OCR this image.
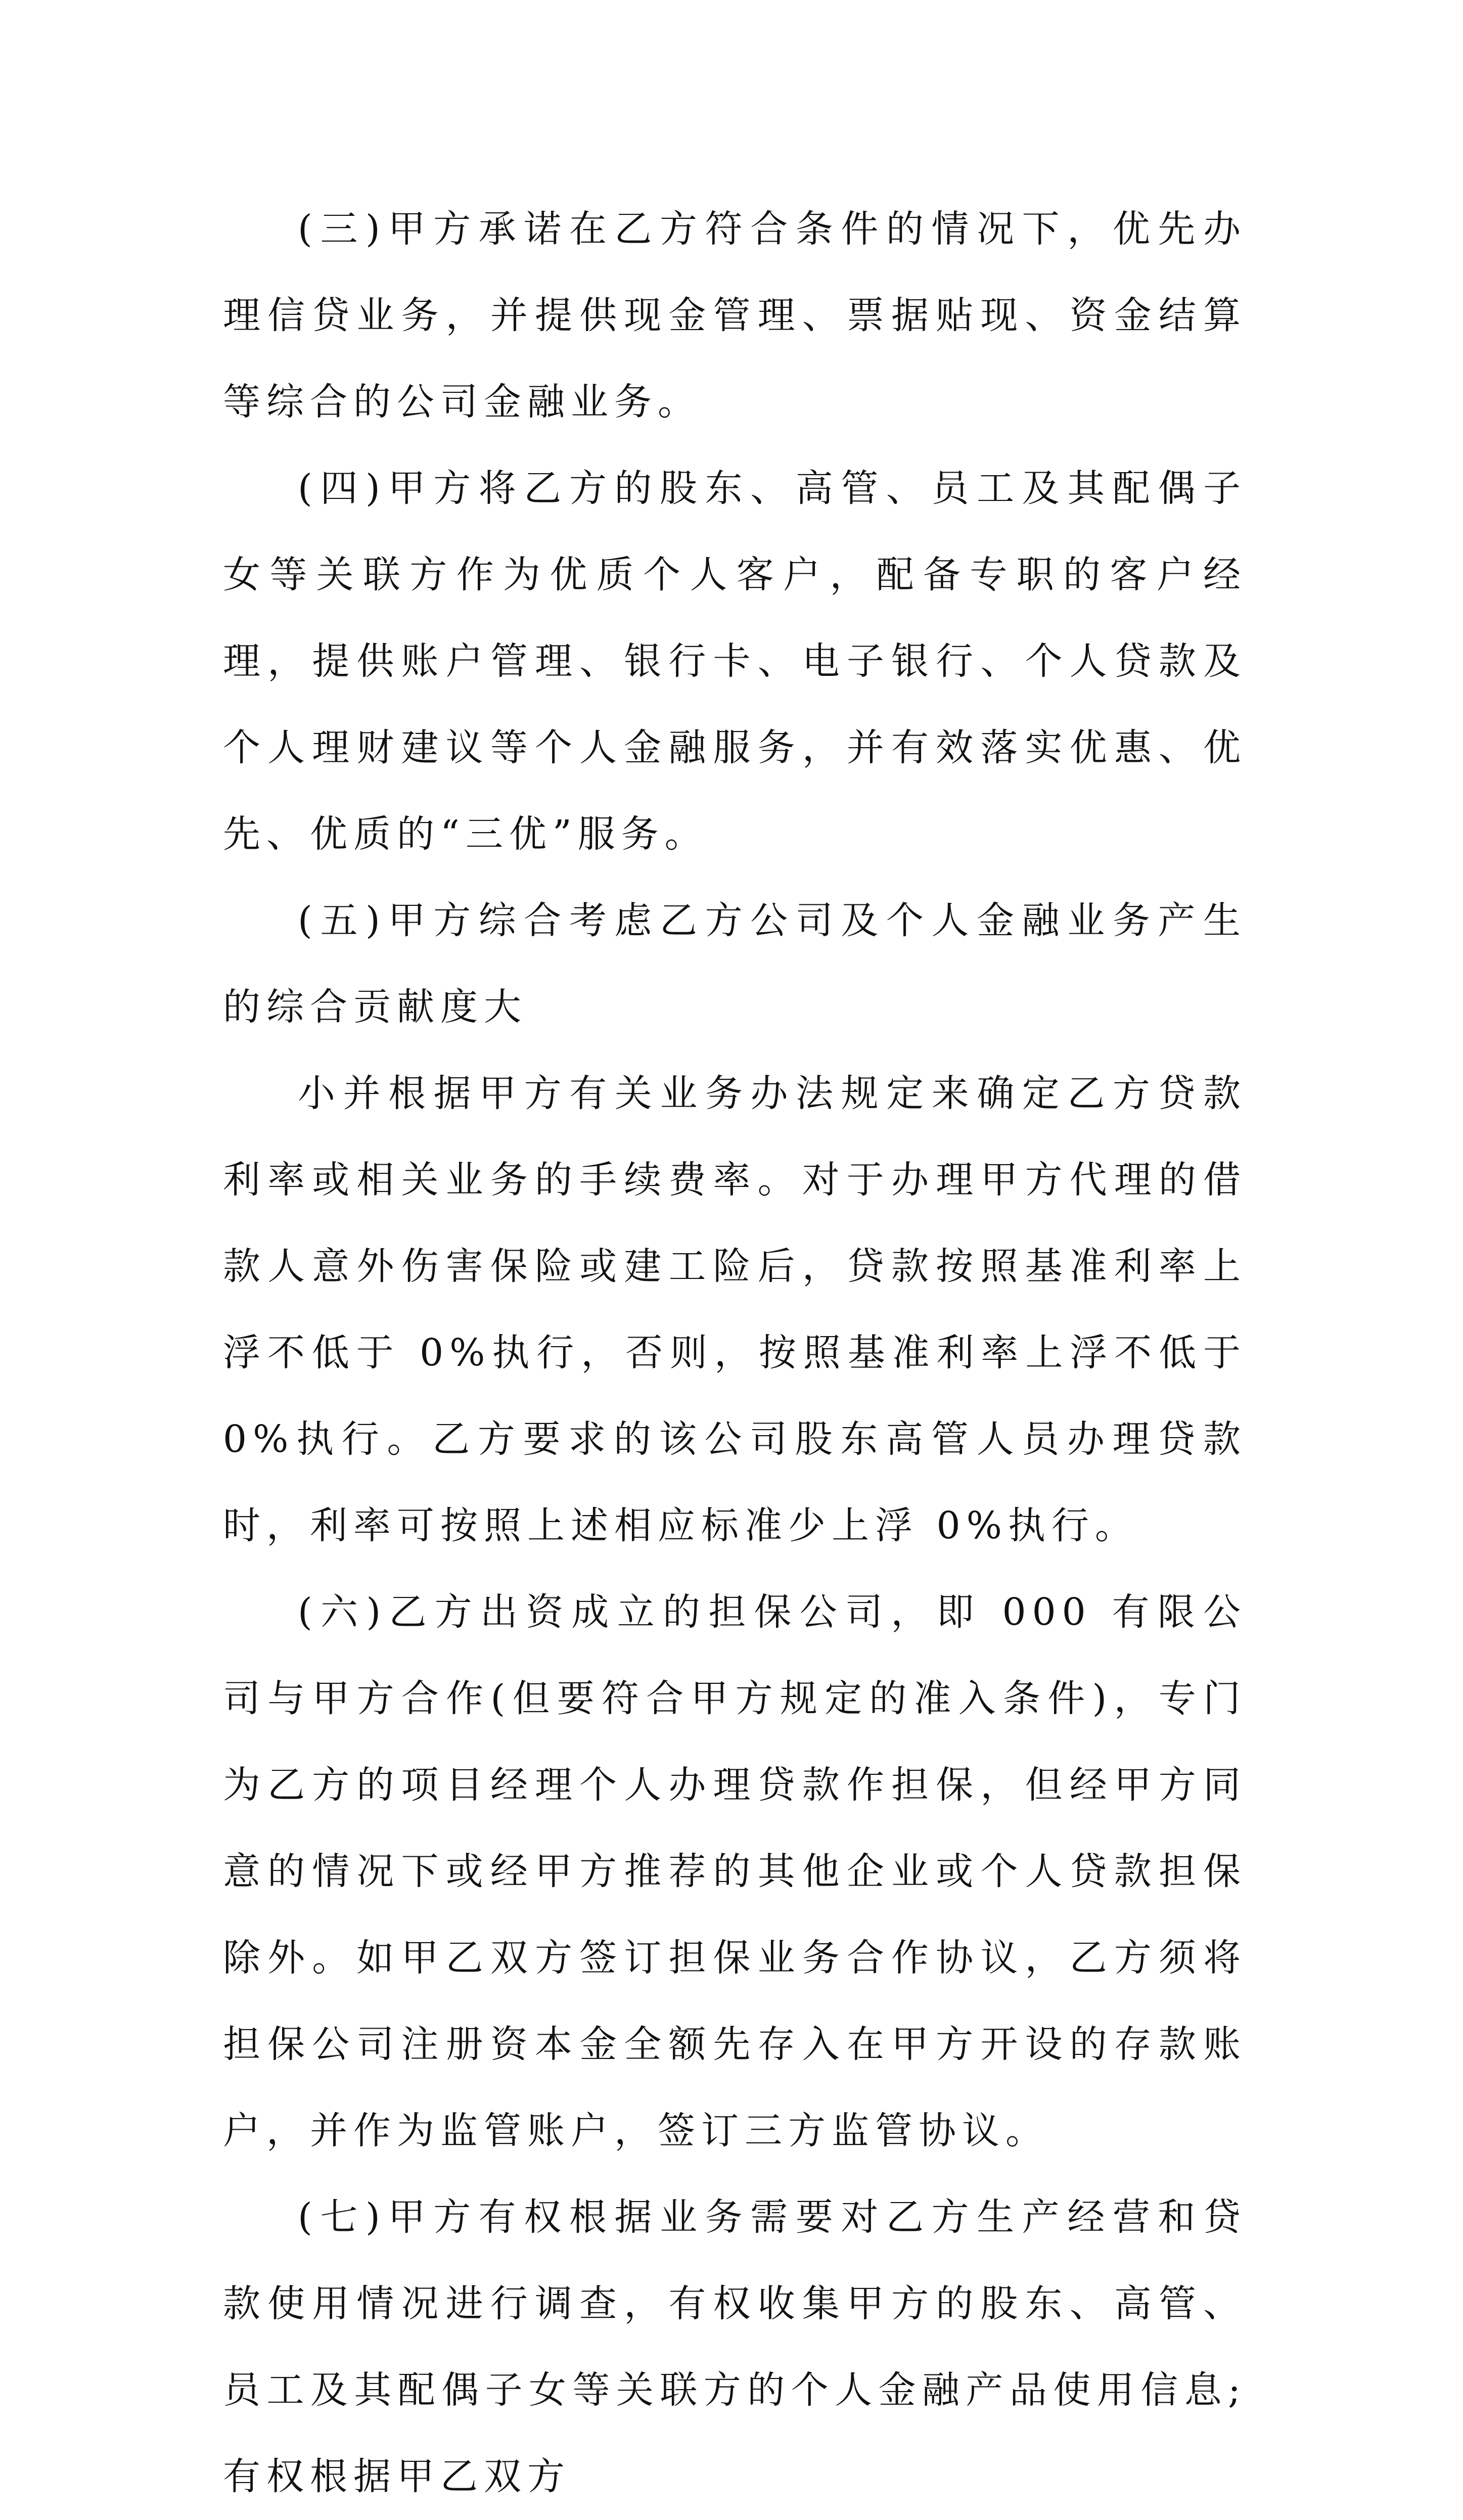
(三)甲方承诺在乙方符合条件的情况下，优先办理信贷业务，并提供现金管理、票据贴现、资金结算等综合的公司金融业务。

(四)甲方将乙方的股东、高管、员工及其配偶子女等关联方作为优质个人客户，配备专职的客户经理，提供账户管理、银行卡、电子银行、个人贷款及个人理财建议等个人金融服务，并有效落实优惠、优先、优质的“三优”服务。

(五)甲方综合考虑乙方公司及个人金融业务产生的综合贡献度大

小并根据甲方有关业务办法规定来确定乙方贷款利率或相关业务的手续费率。对于办理甲方代理的借款人意外伤害保险或建工险后，贷款按照基准利率上浮不低于 0%执行，否则，按照基准利率上浮不低于 0%执行。乙方要求的该公司股东高管人员办理贷款时，利率可按照上述相应标准少上浮 0%执行。

(六)乙方出资成立的担保公司，即 000 有限公司与甲方合作(但要符合甲方规定的准入条件)，专门为乙方的项目经理个人办理贷款作担保，但经甲方同意的情况下或经甲方推荐的其他企业或个人贷款担保除外。如甲乙双方签订担保业务合作协议，乙方须将担保公司注册资本金全额先存入在甲方开设的存款账户，并作为监管账户，签订三方监管协议。

(七)甲方有权根据业务需要对乙方生产经营和贷款使用情况进行调查，有权收集甲方的股东、高管、员工及其配偶子女等关联方的个人金融产品使用信息;有权根据甲乙双方
